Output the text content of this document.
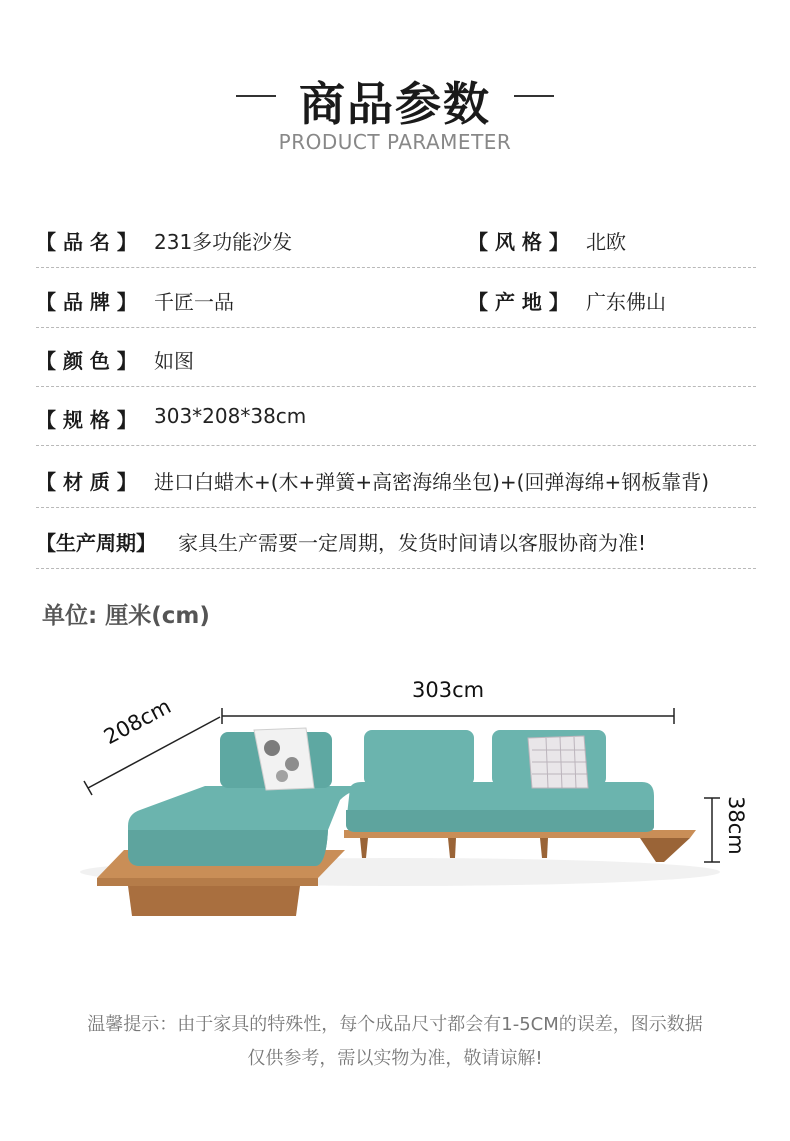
商品参数
PRODUCT PARAMETER
【 品 名 】 231多功能沙发	【 风 格 】 北欧
【 品 牌 】 千匠一品	【 产 地 】 广东佛山
【 颜 色 】 如图
【 规 格 】 303*208*38cm
【 材 质 】 进口白蜡木+(木+弹簧+高密海绵坐包)+(回弹海绵+钢板靠背)
【生产周期】 家具生产需要一定周期，发货时间请以客服协商为准!
单位: 厘米(cm)
303cm
208cm
38cm
温馨提示：由于家具的特殊性，每个成品尺寸都会有1-5CM的误差，图示数据
仅供参考，需以实物为准，敬请谅解!
